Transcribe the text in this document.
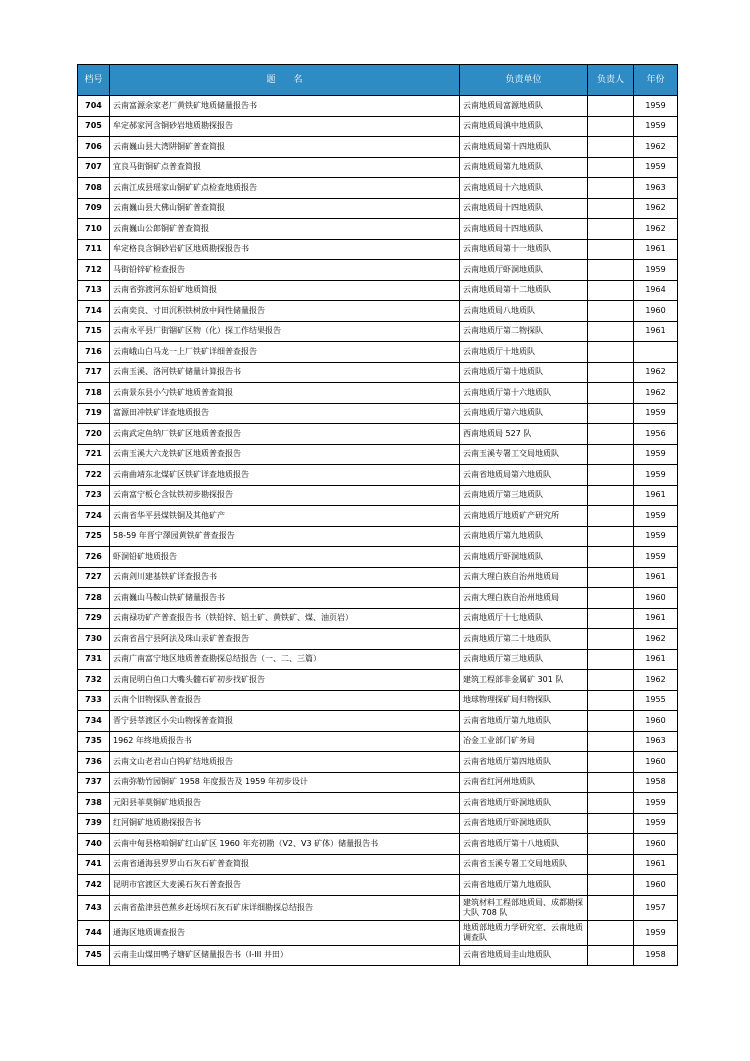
档号	题　　名	负责单位	负责人	年份
704	云南富源余家老厂黄铁矿地质储量报告书	云南地质局富源地质队		1959
705	牟定郝家河含铜砂岩地质勘探报告	云南地质局滇中地质队		1959
706	云南巍山县大湾阱铜矿普查简报	云南地质局第十四地质队		1962
707	宜良马街铜矿点普查简报	云南地质局第九地质队		1959
708	云南江成县瑶家山铜矿矿点检查地质报告	云南地质局十六地质队		1963
709	云南巍山县大佛山铜矿普查简报	云南地质局十四地质队		1962
710	云南巍山公郎铜矿普查简报	云南地质局十四地质队		1962
711	牟定格良含铜砂岩矿区地质勘探报告书	云南地质局第十一地质队		1961
712	马街铅锌矿检查报告	云南地质厅虾洞地质队		1959
713	云南省弥渡河东铅矿地质简报	云南地质局第十二地质队		1964
714	云南奕良、寸田沉积铁树放中间性储量报告	云南地质局八地质队		1960
715	云南永平县厂街锢矿区物（化）探工作结果报告	云南地质厅第二物探队		1961
716	云南峨山白马龙一上厂铁矿详细普查报告	云南地质厅十地质队		
717	云南玉溪、洛河铁矿储量计算报告书	云南地质厅第十地质队		1962
718	云南景东县小勺铁矿地质普查简报	云南地质厅第十六地质队		1962
719	富源田冲铁矿详查地质报告	云南地质厅第六地质队		1959
720	云南武定鱼纳厂铁矿区地质普查报告	西南地质局 527 队		1956
721	云南玉溪大六龙铁矿区地质普查报告	云南玉溪专署工交局地质队		1959
722	云南曲靖东北煤矿区铁矿详查地质报告	云南省地质局第六地质队		1959
723	云南富宁板仑含钛铁初步勘探报告	云南地质厅第三地质队		1961
724	云南省华平县煤铁铜及其他矿产	云南地质厅地质矿产研究所		1959
725	58-59 年晋宁澤园黄铁矿普查报告	云南地质厅第九地质队		1959
726	虾洞铅矿地质报告	云南地质厅虾洞地质队		1959
727	云南剑川建基铁矿详查报告书	云南大理白族自治州地质局		1961
728	云南巍山马鞍山铁矿储量报告书	云南大理白族自治州地质局		1960
729	云南禄功矿产普查报告书（铁铅锌、铝土矿、黄铁矿、煤、油页岩）	云南地质厅十七地质队		1961
730	云南省昌宁县阿法及珠山汞矿普查报告	云南地质厅第二十地质队		1962
731	云南广南富宁地区地质普查勘探总结报告（一、二、三篇）	云南地质厅第三地质队		1961
732	云南昆明白鱼口大嘴头髓石矿初步找矿报告	建筑工程部非金属矿 301 队		1962
733	云南个旧物探队普查报告	地球物理探矿局归物探队		1955
734	晋宁县莘渡区小尖山物探普查简报	云南省地质厅第九地质队		1960
735	1962 年终地质报告书	冶金工业部门矿务局		1963
736	云南文山老君山白钨矿结地质报告	云南省地质厅第四地质队		1960
737	云南弥勒竹园铜矿 1958 年度报告及 1959 年初步设计	云南省红河州地质队		1958
738	元阳县菲莫铜矿地质报告	云南省地质厅虾洞地质队		1959
739	红河铜矿地质勘探报告书	云南省地质厅虾洞地质队		1959
740	云南中甸县格咱铜矿红山矿区 1960 年充初勘（V2、V3 矿体）储量报告书	云南省地质厅第十八地质队		1960
741	云南省通海县罗罗山石灰石矿普查简报	云南省玉溪专署工交局地质队		1961
742	昆明市官渡区大麦溪石灰石普查报告	云南省地质厅第九地质队		1960
743	云南省盐津县芭蕉乡赶场坝石灰石矿床详细勘探总结报告	建筑材料工程部地质局、成都勘探大队 708 队		1957
744	通海区地质调查报告	地质部地质力学研究室、云南地质调查队		1959
745	云南圭山煤田鸭子塘矿区储量报告书（I-III 井田）	云南省地质局圭山地质队		1958
